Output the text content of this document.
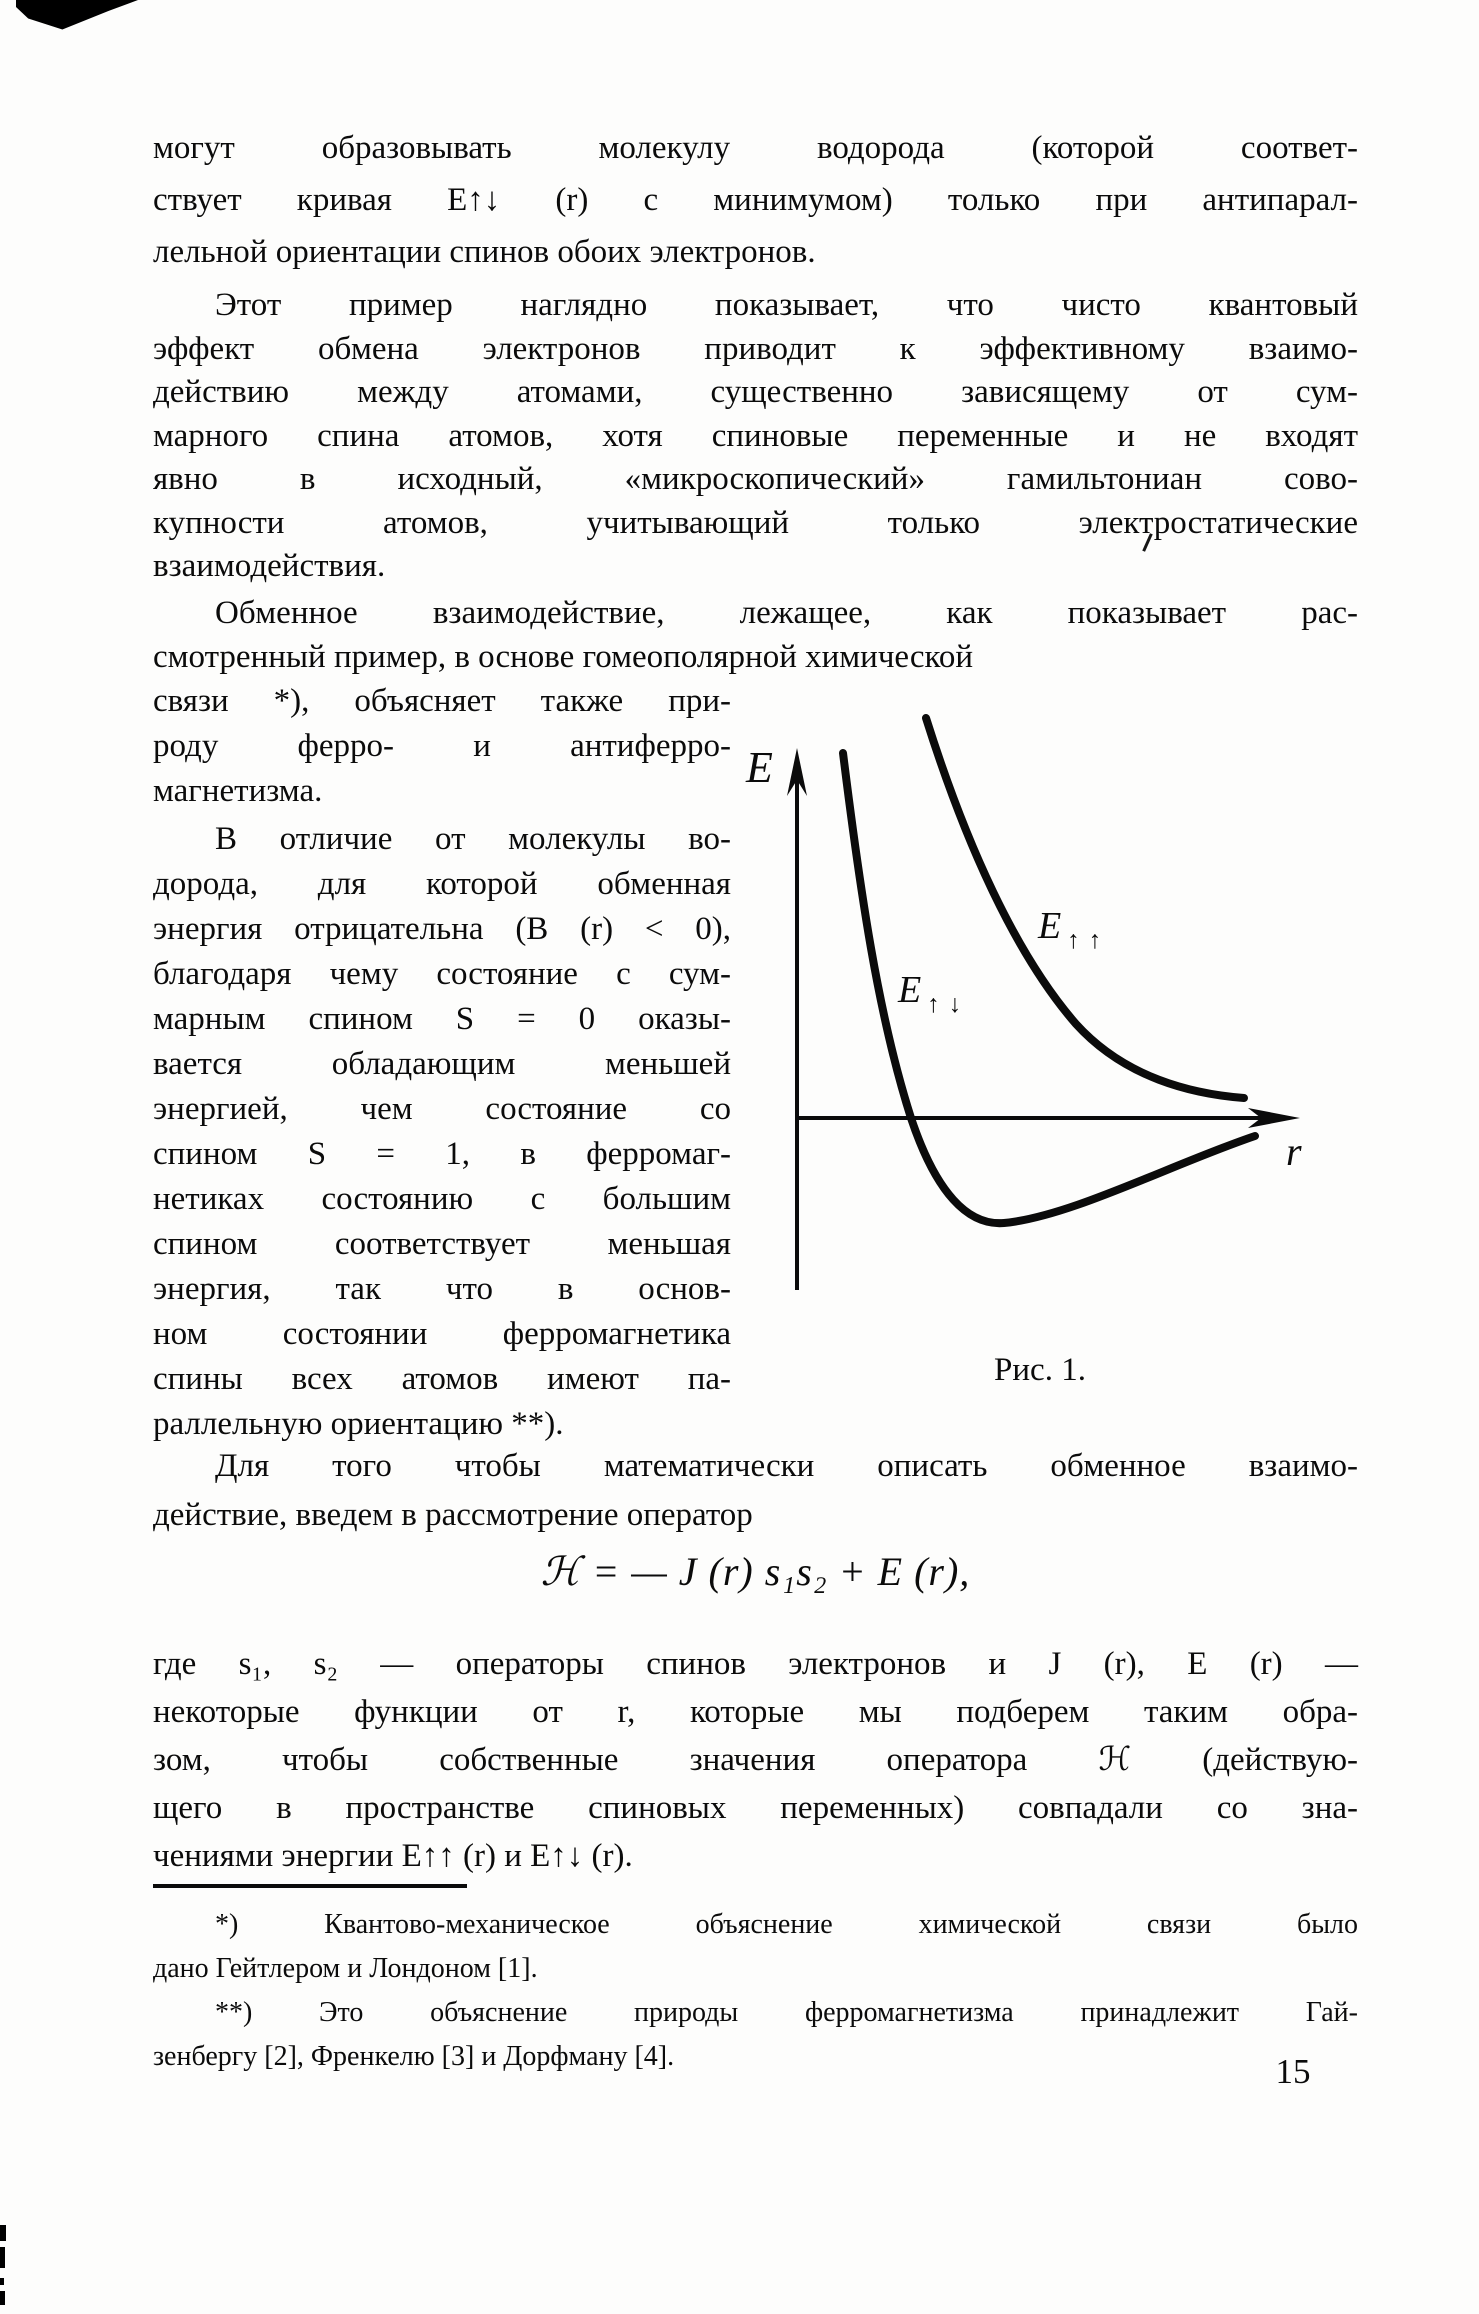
могут образовывать молекулу водорода (которой соответ-
ствует кривая E↑↓ (r) с минимумом) только при антипарал-
лельной ориентации спинов обоих электронов.
Этот пример наглядно показывает, что чисто квантовый
эффект обмена электронов приводит к эффективному взаимо-
действию между атомами, существенно зависящему от сум-
марного спина атомов, хотя спиновые переменные и не входят
явно в исходный, «микроскопический» гамильтониан сово-
купности атомов, учитывающий только электростатические
взаимодействия.
Обменное взаимодействие, лежащее, как показывает рас-
смотренный пример, в основе гомеополярной химической
связи *), объясняет также при-
роду ферро- и антиферро-
магнетизма.
В отличие от молекулы во-
дорода, для которой обменная
энергия отрицательна (B (r) < 0),
благодаря чему состояние с сум-
марным спином S = 0 оказы-
вается обладающим меньшей
энергией, чем состояние со
спином S = 1, в ферромаг-
нетиках состоянию с большим
спином соответствует меньшая
энергия, так что в основ-
ном состоянии ферромагнетика
спины всех атомов имеют па-
раллельную ориентацию **).
E
r
E $_{↑↑}$
E $_{↑↓}$
Рис. 1.
Для того чтобы математически описать обменное взаимо-
действие, введем в рассмотрение оператор
ℋ = — J (r) s₁s₂ + E (r),
где s₁, s₂ — операторы спинов электронов и J (r), E (r) —
некоторые функции от r, которые мы подберем таким обра-
зом, чтобы собственные значения оператора ℋ (действую-
щего в пространстве спиновых переменных) совпадали со зна-
чениями энергии E↑↑ (r) и E↑↓ (r).
*) Квантово-механическое объяснение химической связи было
дано Гейтлером и Лондоном [1].
**) Это объяснение природы ферромагнетизма принадлежит Гай-
зенбергу [2], Френкелю [3] и Дорфману [4].	15
